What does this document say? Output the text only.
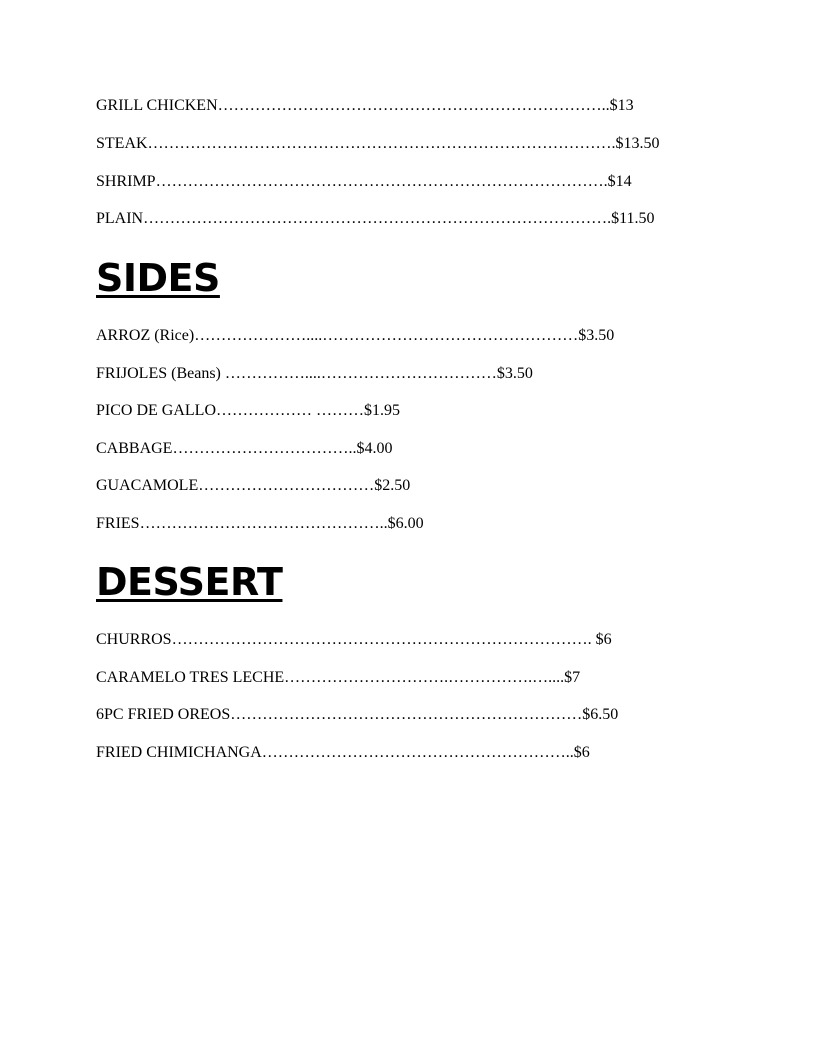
GRILL CHICKEN………………………………………………………………..$13
STEAK…………………………………………………………………………….$13.50
SHRIMP………………………………………………………………………….$14
PLAIN…………………………………………………………………………….$11.50
SIDES
ARROZ (Rice)…………………....…………………………………………$3.50
FRIJOLES (Beans) ……………....……………………………$3.50
PICO DE GALLO……………… ………$1.95
CABBAGE……………………………..$4.00
GUACAMOLE……………………………$2.50
FRIES………………………………………..$6.00
DESSERT
CHURROS……………………………………………………………………. $6
CARAMELO TRES LECHE………………………….…………….…....$7
6PC FRIED OREOS…………………………………………………………$6.50
FRIED CHIMICHANGA…………………………………………………..$6
